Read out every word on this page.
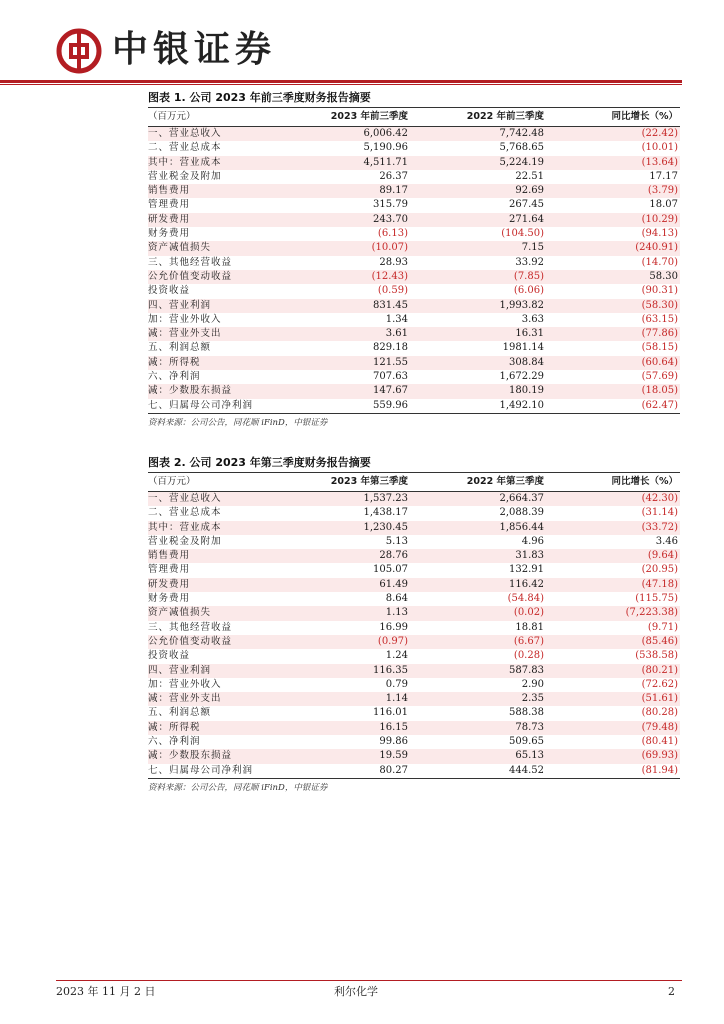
中银证券
图表 1. 公司 2023 年前三季度财务报告摘要
（百万元）	2023 年前三季度	2022 年前三季度	同比增长（%）
一、营业总收入	6,006.42	7,742.48	(22.42)
二、营业总成本	5,190.96	5,768.65	(10.01)
其中：营业成本	4,511.71	5,224.19	(13.64)
营业税金及附加	26.37	22.51	17.17
销售费用	89.17	92.69	(3.79)
管理费用	315.79	267.45	18.07
研发费用	243.70	271.64	(10.29)
财务费用	(6.13)	(104.50)	(94.13)
资产减值损失	(10.07)	7.15	(240.91)
三、其他经营收益	28.93	33.92	(14.70)
公允价值变动收益	(12.43)	(7.85)	58.30
投资收益	(0.59)	(6.06)	(90.31)
四、营业利润	831.45	1,993.82	(58.30)
加：营业外收入	1.34	3.63	(63.15)
减：营业外支出	3.61	16.31	(77.86)
五、利润总额	829.18	1981.14	(58.15)
减：所得税	121.55	308.84	(60.64)
六、净利润	707.63	1,672.29	(57.69)
减：少数股东损益	147.67	180.19	(18.05)
七、归属母公司净利润	559.96	1,492.10	(62.47)
资料来源：公司公告，同花顺 iFinD，中银证券
图表 2. 公司 2023 年第三季度财务报告摘要
（百万元）	2023 年第三季度	2022 年第三季度	同比增长（%）
一、营业总收入	1,537.23	2,664.37	(42.30)
二、营业总成本	1,438.17	2,088.39	(31.14)
其中：营业成本	1,230.45	1,856.44	(33.72)
营业税金及附加	5.13	4.96	3.46
销售费用	28.76	31.83	(9.64)
管理费用	105.07	132.91	(20.95)
研发费用	61.49	116.42	(47.18)
财务费用	8.64	(54.84)	(115.75)
资产减值损失	1.13	(0.02)	(7,223.38)
三、其他经营收益	16.99	18.81	(9.71)
公允价值变动收益	(0.97)	(6.67)	(85.46)
投资收益	1.24	(0.28)	(538.58)
四、营业利润	116.35	587.83	(80.21)
加：营业外收入	0.79	2.90	(72.62)
减：营业外支出	1.14	2.35	(51.61)
五、利润总额	116.01	588.38	(80.28)
减：所得税	16.15	78.73	(79.48)
六、净利润	99.86	509.65	(80.41)
减：少数股东损益	19.59	65.13	(69.93)
七、归属母公司净利润	80.27	444.52	(81.94)
资料来源：公司公告，同花顺 iFinD，中银证券
2023 年 11 月 2 日	利尔化学	2
